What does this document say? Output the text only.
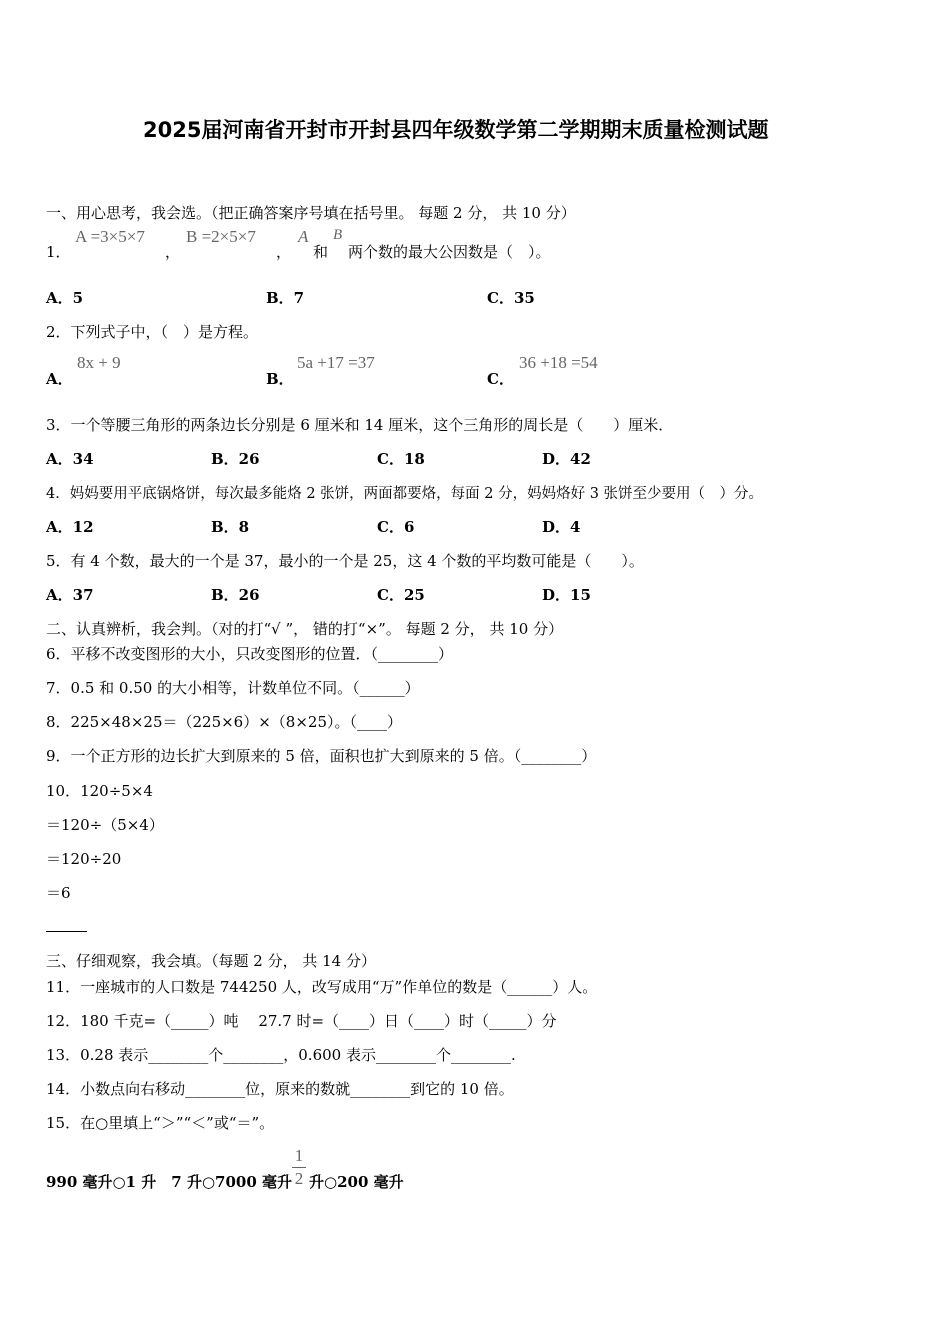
2025届河南省开封市开封县四年级数学第二学期期末质量检测试题
一、用心思考，我会选。（把正确答案序号填在括号里。 每题 2 分， 共 10 分）
1．
A =3×5×7
，
B =2×5×7
，
A
和
B
两个数的最大公因数是（　）。
A．5	B．7	C．35
2．下列式子中，（　）是方程。
A．
8x + 9
B．
5a +17 =37
C．
36 +18 =54
3．一个等腰三角形的两条边长分别是 6 厘米和 14 厘米，这个三角形的周长是（　　）厘米．
A．34	B．26	C．18	D．42
4．妈妈要用平底锅烙饼，每次最多能烙 2 张饼，两面都要烙，每面 2 分，妈妈烙好 3 张饼至少要用（　）分。
A．12	B．8	C．6	D．4
5．有 4 个数，最大的一个是 37，最小的一个是 25，这 4 个数的平均数可能是（　　）。
A．37	B．26	C．25	D．15
二、认真辨析，我会判。（对的打“√ ”， 错的打“×”。 每题 2 分， 共 10 分）
6．平移不改变图形的大小，只改变图形的位置．（________）
7．0.5 和 0.50 的大小相等，计数单位不同。（______）
8．225×48×25＝（225×6）×（8×25）。（____）
9．一个正方形的边长扩大到原来的 5 倍，面积也扩大到原来的 5 倍。（________）
10．120÷5×4
＝120÷（5×4）
＝120÷20
＝6
三、仔细观察，我会填。（每题 2 分， 共 14 分）
11．一座城市的人口数是 744250 人，改写成用“万”作单位的数是（______）人。
12．180 千克=（_____）吨　 27.7 时=（____）日（____）时（_____）分
13．0.28 表示________个________，0.600 表示________个________.
14．小数点向右移动________位，原来的数就________到它的 10 倍。
15．在○里填上“＞”“＜”或“＝”。
990 毫升○1 升　7 升○7000 毫升
1
2 升○200 毫升
